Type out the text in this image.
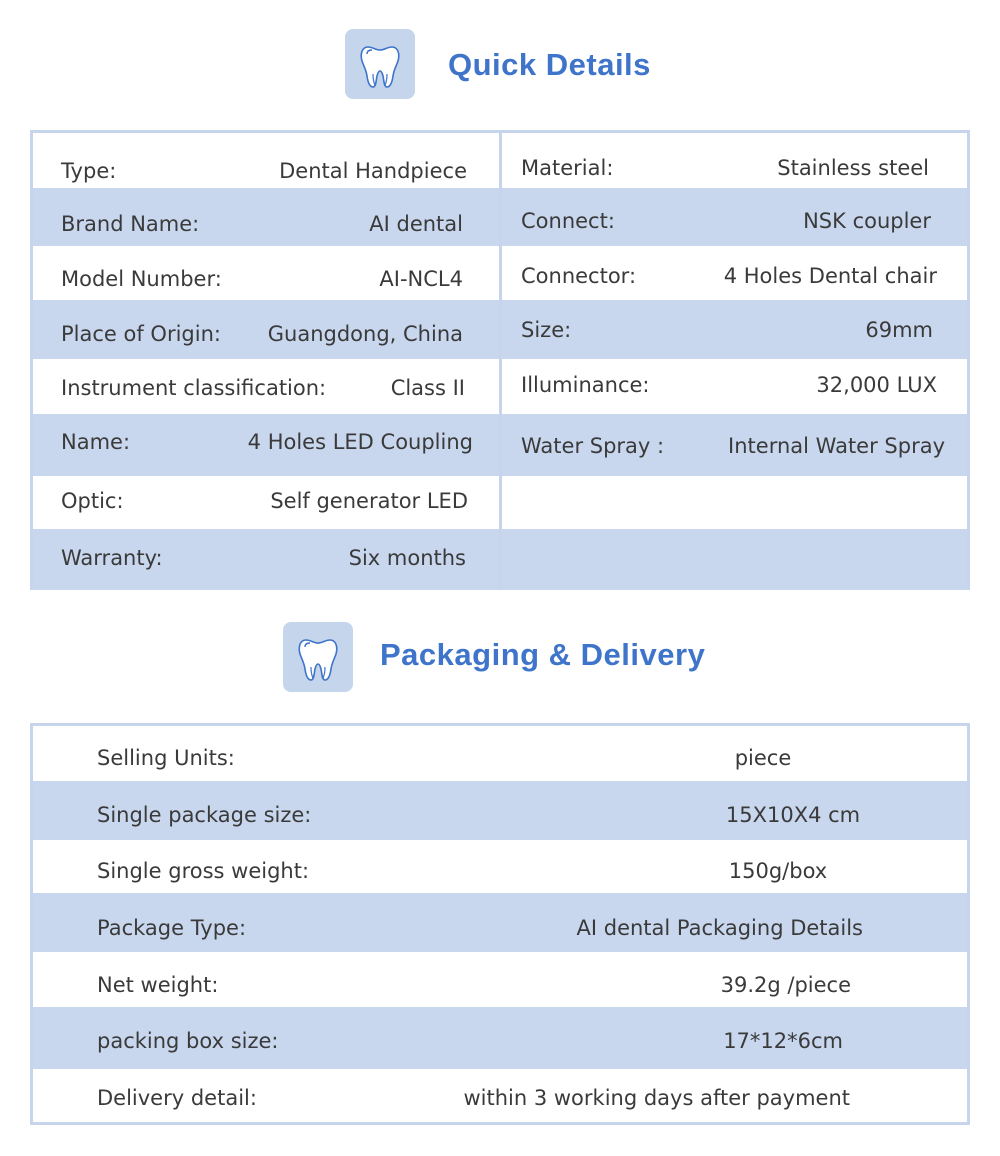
Quick Details
Type:	Dental Handpiece
Brand Name:	AI dental
Model Number:	AI-NCL4
Place of Origin: Guangdong, China
Instrument classification:	Class II
Name:	4 Holes LED Coupling
Optic:	Self generator LED
Warranty:	Six months
Material:	Stainless steel
Connect:	NSK coupler
Connector:	4 Holes Dental chair
Size:	69mm
Illuminance:	32,000 LUX
Water Spray :	Internal Water Spray
Packaging & Delivery
Selling Units:	piece
Single package size:	15X10X4 cm
Single gross weight:	150g/box
Package Type:	AI dental Packaging Details
Net weight:	39.2g /piece
packing box size:	17*12*6cm
Delivery detail:	within 3 working days after payment
